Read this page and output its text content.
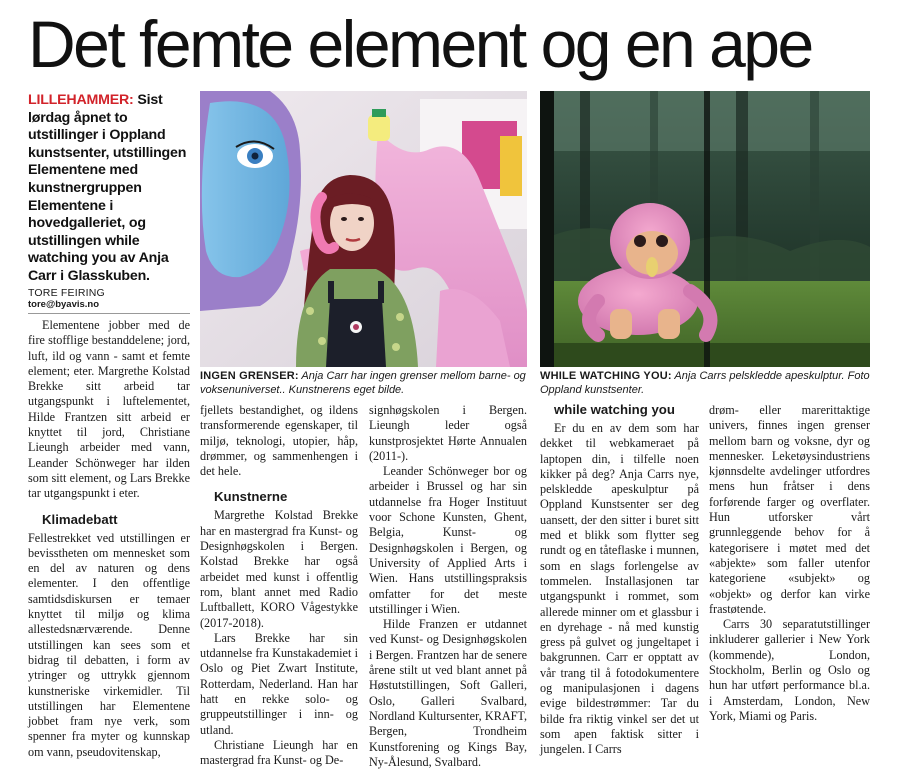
Det femte element og en ape
LILLEHAMMER: Sist lørdag åpnet to utstillinger i Oppland kunstsenter, utstillingen Elementene med kunstnergruppen Elementene i hovedgalleriet, og utstillingen while watching you av Anja Carr i Glasskuben.
TORE FEIRING
tore@byavis.no

Elementene jobber med de fire stofflige bestanddelene; jord, luft, ild og vann - samt et femte element; eter. Margrethe Kolstad Brekke sitt arbeid tar utgangspunkt i luftelementet, Hilde Frantzen sitt arbeid er knyttet til jord, Christiane Lieungh arbeider med vann, Leander Schönweger har ilden som sitt element, og Lars Brekke tar utgangspunkt i eter.

Klimadebatt

Fellestrekket ved utstillingen er bevisstheten om mennesket som en del av naturen og dens elementer. I den offentlige samtidsdiskursen er temaer knyttet til miljø og klima allestedsnærværende. Denne utstillingen kan sees som et bidrag til debatten, i form av ytringer og uttrykk gjennom kunstneriske virkemidler. Til utstillingen har Elementene jobbet fram nye verk, som spenner fra myter og kunnskap om vann, pseudovitenskap,

INGEN GRENSER: Anja Carr har ingen grenser mellom barne- og voksenuniverset.. Kunstnerens eget bilde.
WHILE WATCHING YOU: Anja Carrs pelskledde apeskulptur. Foto Oppland kunstsenter.

fjellets bestandighet, og ildens transformerende egenskaper, til miljø, teknologi, utopier, håp, drømmer, og sammenhengen i det hele.

Kunstnerne

Margrethe Kolstad Brekke har en mastergrad fra Kunst- og Designhøgskolen i Bergen. Kolstad Brekke har også arbeidet med kunst i offentlig rom, blant annet med Radio Luftballett, KORO Vågestykke (2017-2018).

Lars Brekke har sin utdannelse fra Kunstakademiet i Oslo og Piet Zwart Institute, Rotterdam, Nederland. Han har hatt en rekke solo- og gruppeutstillinger i inn- og utland.

Christiane Lieungh har en mastergrad fra Kunst- og De-

signhøgskolen i Bergen. Lieungh leder også kunstprosjektet Hørte Annualen (2011-).

Leander Schönweger bor og arbeider i Brussel og har sin utdannelse fra Hoger Instituut voor Schone Kunsten, Ghent, Belgia, Kunst- og Designhøgskolen i Bergen, og University of Applied Arts i Wien. Hans utstillingspraksis omfatter for det meste utstillinger i Wien.

Hilde Franzen er utdannet ved Kunst- og Designhøgskolen i Bergen. Frantzen har de senere årene stilt ut ved blant annet på Høstutstillingen, Soft Galleri, Oslo, Galleri Svalbard, Nordland Kultursenter, KRAFT, Bergen, Trondheim Kunstforening og Kings Bay, Ny-Ålesund, Svalbard.

while watching you

Er du en av dem som har dekket til webkameraet på laptopen din, i tilfelle noen kikker på deg? Anja Carrs nye, pelskledde apeskulptur på Oppland Kunstsenter ser deg uansett, der den sitter i buret sitt med et blikk som flytter seg rundt og en tåteflaske i munnen, som en slags forlengelse av tommelen. Installasjonen tar utgangspunkt i rommet, som allerede minner om et glassbur i en dyrehage - nå med kunstig gress på gulvet og jungeltapet i bakgrunnen. Carr er opptatt av vår trang til å fotodokumentere og manipulasjonen i dagens evige bildestrømmer: Tar du bilde fra riktig vinkel ser det ut som apen faktisk sitter i jungelen. I Carrs

drøm- eller marerittaktige univers, finnes ingen grenser mellom barn og voksne, dyr og mennesker. Leketøysindustriens kjønnsdelte avdelinger utfordres mens hun fråtser i dens forførende farger og overflater. Hun utforsker vårt grunnleggende behov for å kategorisere i møtet med det «abjekte» som faller utenfor kategoriene «subjekt» og «objekt» og derfor kan virke frastøtende.

Carrs 30 separatutstillinger inkluderer gallerier i New York (kommende), London, Stockholm, Berlin og Oslo og hun har utført performance bl.a. i Amsterdam, London, New York, Miami og Paris.
